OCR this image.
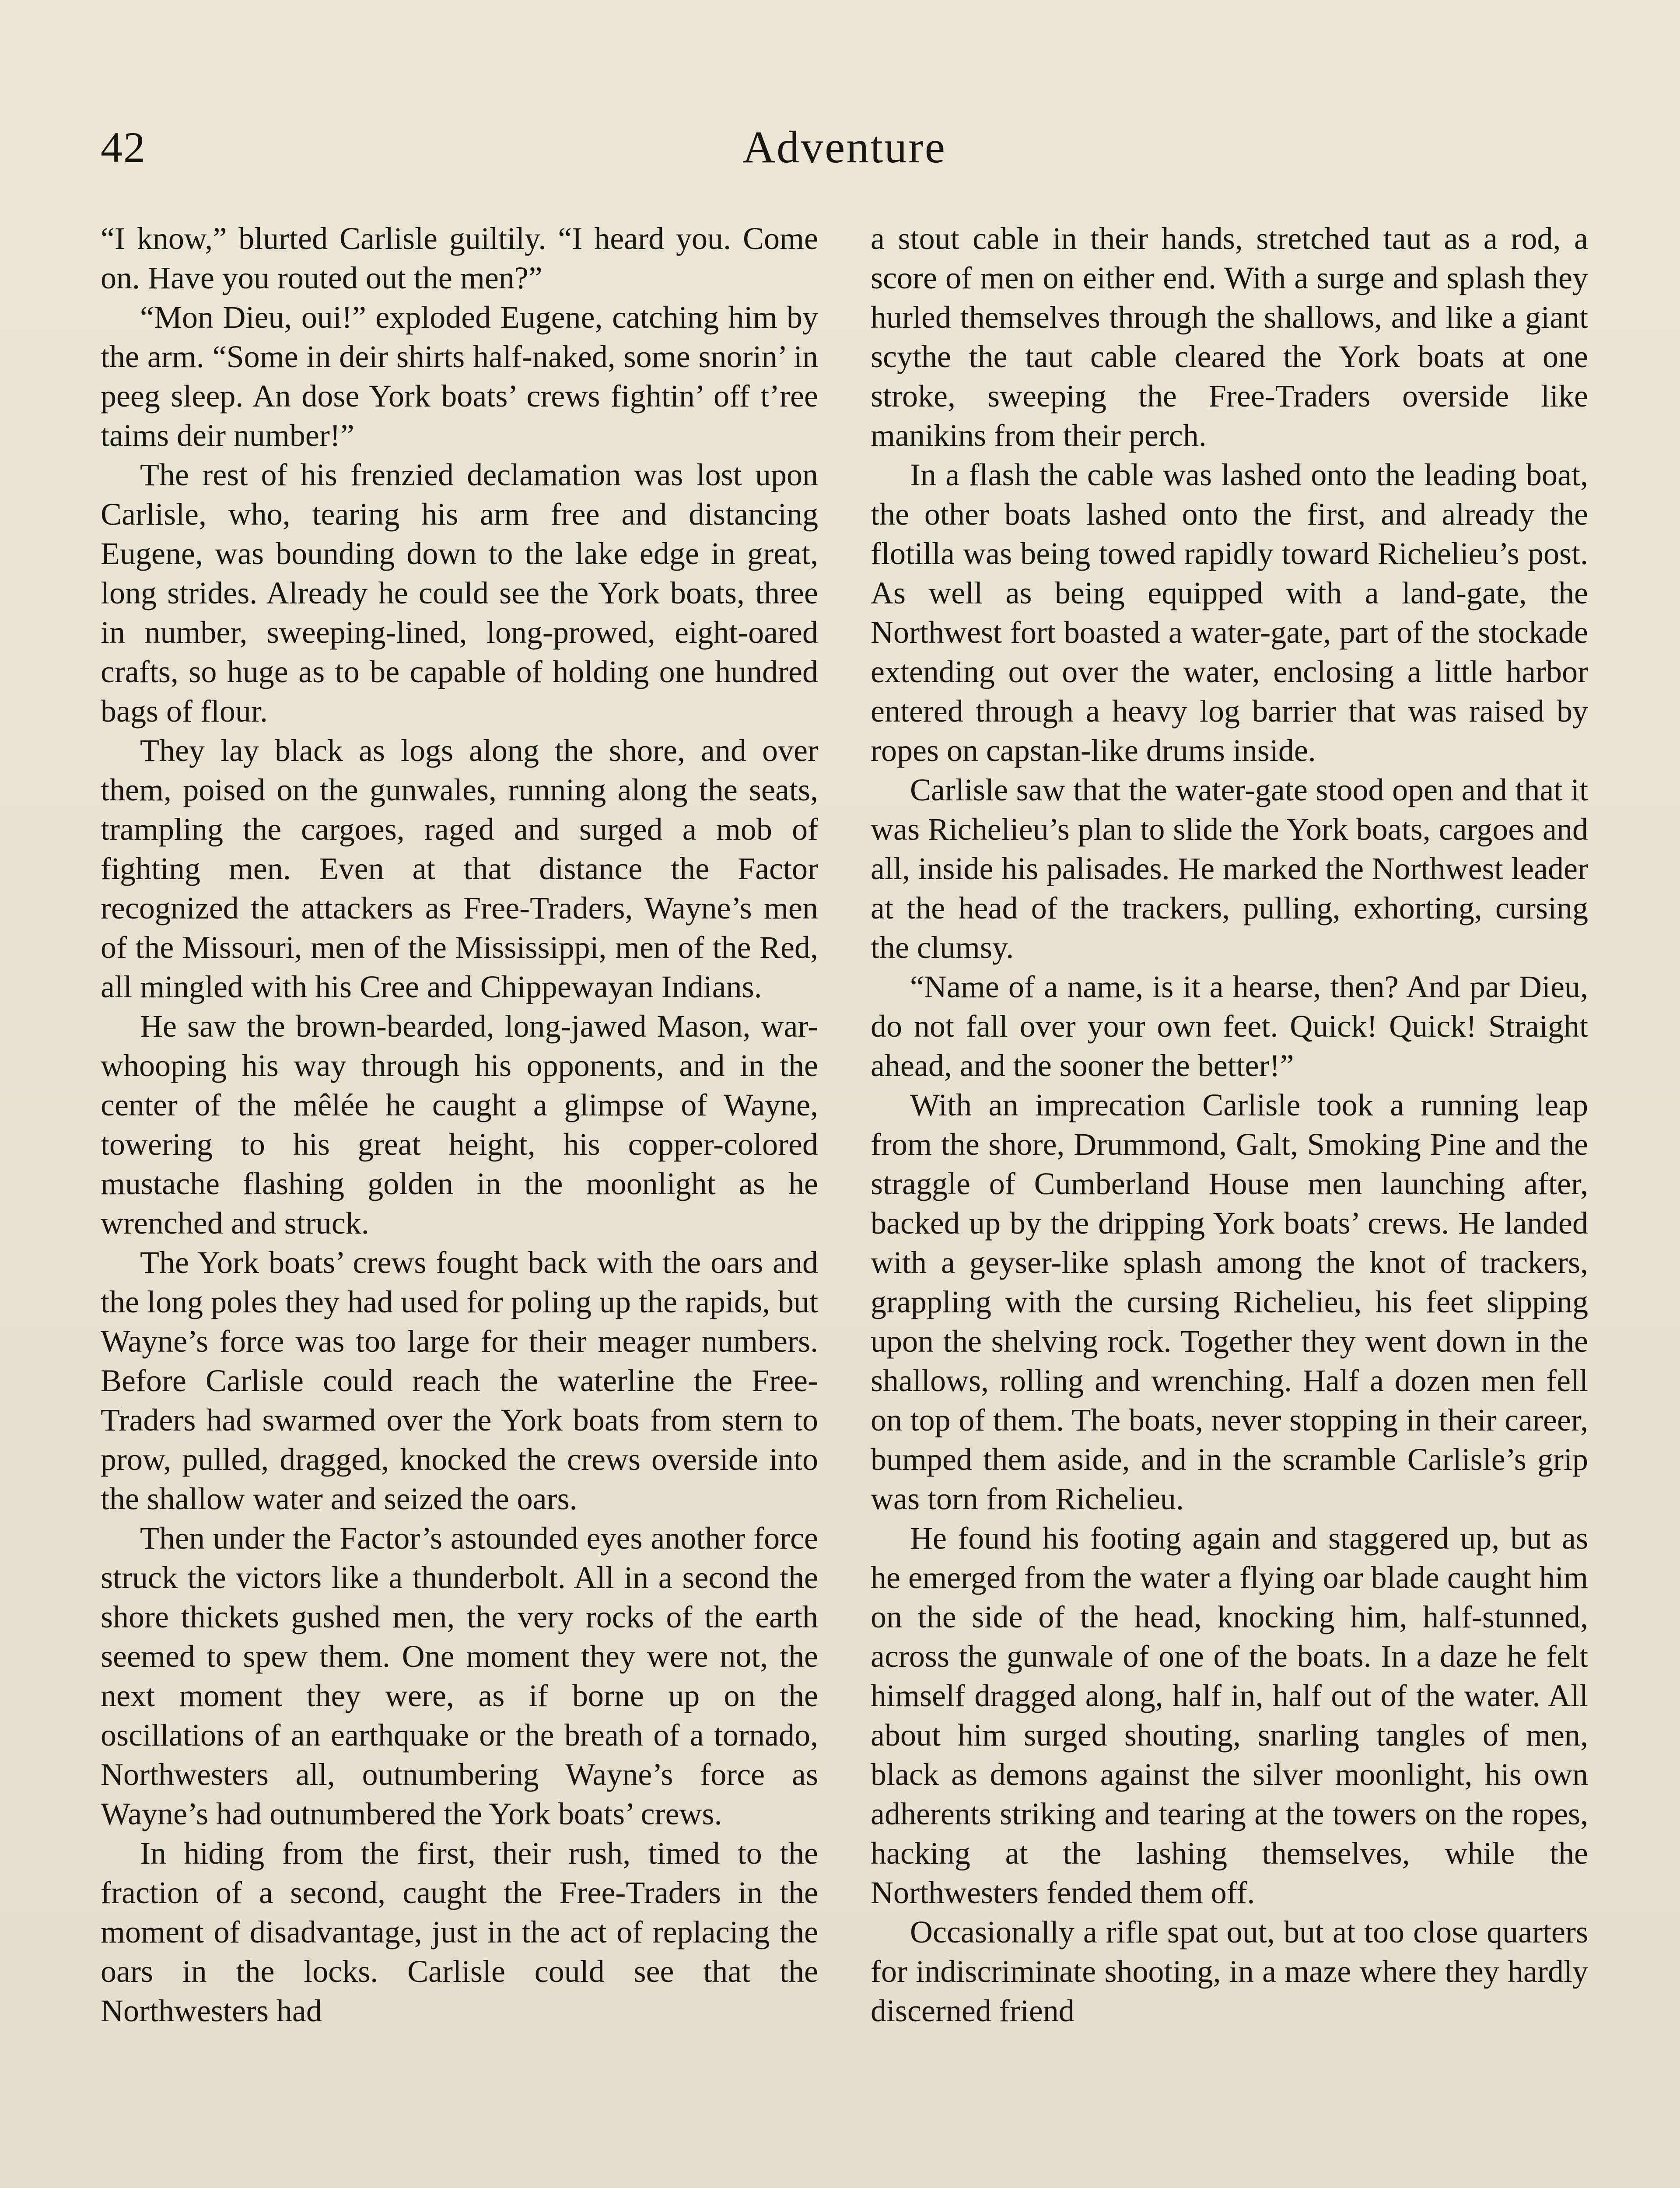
42	Adventure

“I know,” blurted Carlisle guiltily. “I heard you. Come on. Have you routed out the men?”

“Mon Dieu, oui!” exploded Eugene, catching him by the arm. “Some in deir shirts half-naked, some snorin’ in peeg sleep. An dose York boats’ crews fightin’ off t’ree taims deir number!”

The rest of his frenzied declamation was lost upon Carlisle, who, tearing his arm free and distancing Eugene, was bounding down to the lake edge in great, long strides. Already he could see the York boats, three in number, sweeping-lined, long-prowed, eight-oared crafts, so huge as to be capable of holding one hundred bags of flour.

They lay black as logs along the shore, and over them, poised on the gunwales, running along the seats, trampling the cargoes, raged and surged a mob of fighting men. Even at that distance the Factor recognized the attackers as Free-Traders, Wayne’s men of the Missouri, men of the Mississippi, men of the Red, all mingled with his Cree and Chippewayan Indians.

He saw the brown-bearded, long-jawed Mason, war-whooping his way through his opponents, and in the center of the mêlée he caught a glimpse of Wayne, towering to his great height, his copper-colored mustache flashing golden in the moonlight as he wrenched and struck.

The York boats’ crews fought back with the oars and the long poles they had used for poling up the rapids, but Wayne’s force was too large for their meager numbers. Before Carlisle could reach the waterline the Free-Traders had swarmed over the York boats from stern to prow, pulled, dragged, knocked the crews overside into the shallow water and seized the oars.

Then under the Factor’s astounded eyes another force struck the victors like a thunderbolt. All in a second the shore thickets gushed men, the very rocks of the earth seemed to spew them. One moment they were not, the next moment they were, as if borne up on the oscillations of an earthquake or the breath of a tornado, Northwesters all, outnumbering Wayne’s force as Wayne’s had outnumbered the York boats’ crews.

In hiding from the first, their rush, timed to the fraction of a second, caught the Free-Traders in the moment of disadvantage, just in the act of replacing the oars in the locks. Carlisle could see that the Northwesters had

a stout cable in their hands, stretched taut as a rod, a score of men on either end. With a surge and splash they hurled themselves through the shallows, and like a giant scythe the taut cable cleared the York boats at one stroke, sweeping the Free-Traders overside like manikins from their perch.

In a flash the cable was lashed onto the leading boat, the other boats lashed onto the first, and already the flotilla was being towed rapidly toward Richelieu’s post. As well as being equipped with a land-gate, the Northwest fort boasted a water-gate, part of the stockade extending out over the water, enclosing a little harbor entered through a heavy log barrier that was raised by ropes on capstan-like drums inside.

Carlisle saw that the water-gate stood open and that it was Richelieu’s plan to slide the York boats, cargoes and all, inside his palisades. He marked the Northwest leader at the head of the trackers, pulling, exhorting, cursing the clumsy.

“Name of a name, is it a hearse, then? And par Dieu, do not fall over your own feet. Quick! Quick! Straight ahead, and the sooner the better!”

With an imprecation Carlisle took a running leap from the shore, Drummond, Galt, Smoking Pine and the straggle of Cumberland House men launching after, backed up by the dripping York boats’ crews. He landed with a geyser-like splash among the knot of trackers, grappling with the cursing Richelieu, his feet slipping upon the shelving rock. Together they went down in the shallows, rolling and wrenching. Half a dozen men fell on top of them. The boats, never stopping in their career, bumped them aside, and in the scramble Carlisle’s grip was torn from Richelieu.

He found his footing again and staggered up, but as he emerged from the water a flying oar blade caught him on the side of the head, knocking him, half-stunned, across the gunwale of one of the boats. In a daze he felt himself dragged along, half in, half out of the water. All about him surged shouting, snarling tangles of men, black as demons against the silver moonlight, his own adherents striking and tearing at the towers on the ropes, hacking at the lashing themselves, while the Northwesters fended them off.

Occasionally a rifle spat out, but at too close quarters for indiscriminate shooting, in a maze where they hardly discerned friend
